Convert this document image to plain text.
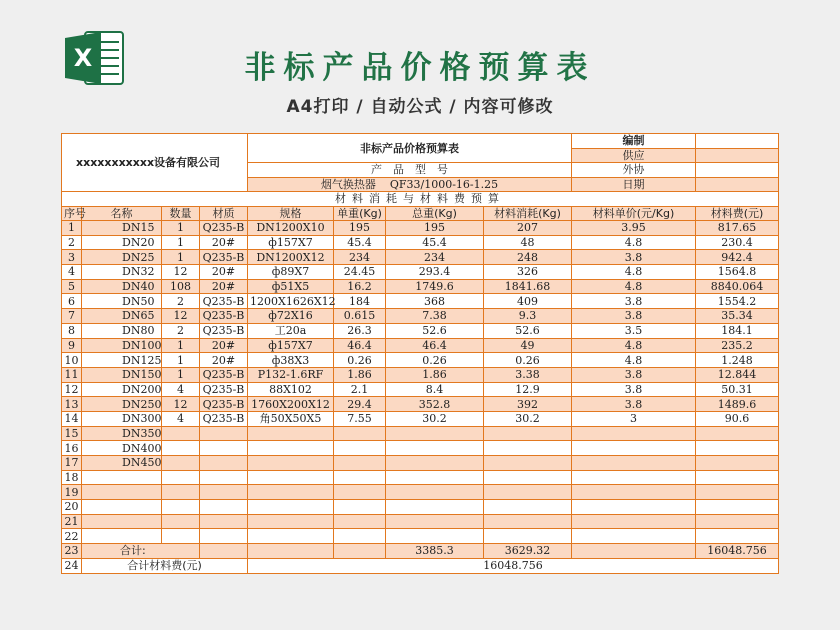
X	非标产品价格预算表
A4打印 / 自动公式 / 内容可修改
xxxxxxxxxxx设备有限公司				非标产品价格预算表				编制	
								供应	
				产　品　型　号				外协	
				烟气换热器 QF33/1000-16-1.25				日期	
材料消耗与材料费预算									
序号	名称	数量	材质	规格	单重(Kg)	总重(Kg)	材料消耗(Kg)	材料单价(元/Kg)	材料费(元)
1	DN15	1	Q235-B	DN1200X10	195	195	207	3.95	817.65
2	DN20	1	20#	ф157X7	45.4	45.4	48	4.8	230.4
3	DN25	1	Q235-B	DN1200X12	234	234	248	3.8	942.4
4	DN32	12	20#	ф89X7	24.45	293.4	326	4.8	1564.8
5	DN40	108	20#	ф51X5	16.2	1749.6	1841.68	4.8	8840.064
6	DN50	2	Q235-B	1200X1626X12	184	368	409	3.8	1554.2
7	DN65	12	Q235-B	ф72X16	0.615	7.38	9.3	3.8	35.34
8	DN80	2	Q235-B	工20a	26.3	52.6	52.6	3.5	184.1
9	DN100	1	20#	ф157X7	46.4	46.4	49	4.8	235.2
10	DN125	1	20#	ф38X3	0.26	0.26	0.26	4.8	1.248
11	DN150	1	Q235-B	P132-1.6RF	1.86	1.86	3.38	3.8	12.844
12	DN200	4	Q235-B	88X102	2.1	8.4	12.9	3.8	50.31
13	DN250	12	Q235-B	1760X200X12	29.4	352.8	392	3.8	1489.6
14	DN300	4	Q235-B	角50X50X5	7.55	30.2	30.2	3	90.6
15	DN350								
16	DN400								
17	DN450								
18									
19									
20									
21									
22									
23	合计:					3385.3	3629.32		16048.756
24	合计材料费(元)			16048.756					
